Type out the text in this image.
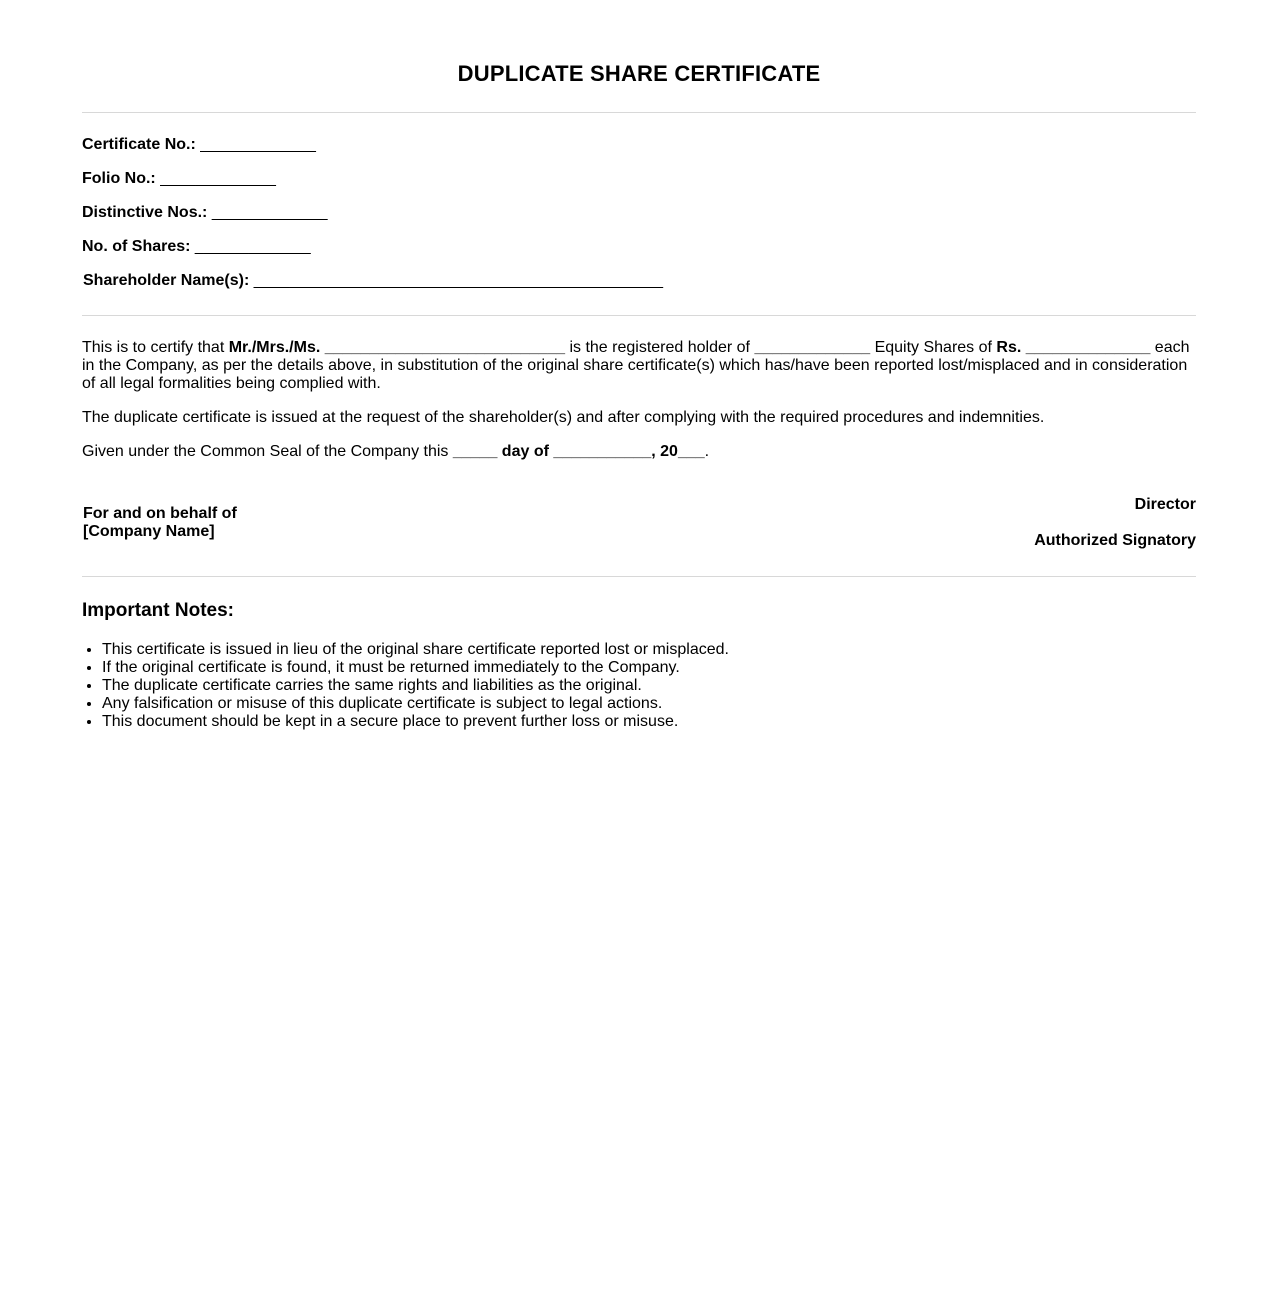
DUPLICATE SHARE CERTIFICATE
Certificate No.: _____________
Folio No.: _____________
Distinctive Nos.: _____________
No. of Shares: _____________
Shareholder Name(s): ______________________________________________
This is to certify that Mr./Mrs./Ms. ___________________________ is the registered holder of _____________ Equity Shares of Rs. ______________ each in the Company, as per the details above, in substitution of the original share certificate(s) which has/have been reported lost/misplaced and in consideration of all legal formalities being complied with.
The duplicate certificate is issued at the request of the shareholder(s) and after complying with the required procedures and indemnities.
Given under the Common Seal of the Company this _____ day of ___________, 20___.
For and on behalf of
[Company Name]
Director
Authorized Signatory
Important Notes:
• This certificate is issued in lieu of the original share certificate reported lost or misplaced.
• If the original certificate is found, it must be returned immediately to the Company.
• The duplicate certificate carries the same rights and liabilities as the original.
• Any falsification or misuse of this duplicate certificate is subject to legal actions.
• This document should be kept in a secure place to prevent further loss or misuse.
